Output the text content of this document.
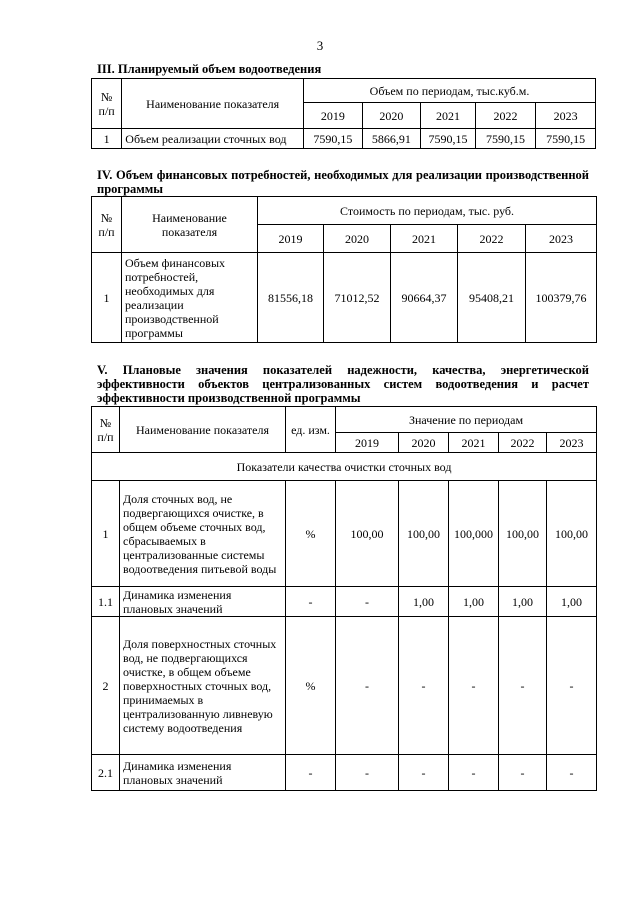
3
III. Планируемый объем водоотведения
№ п/п	Наименование показателя	Объем по периодам, тыс.куб.м.				
		2019	2020	2021	2022	2023
1	Объем реализации сточных вод	7590,15	5866,91	7590,15	7590,15	7590,15
IV. Объем финансовых потребностей, необходимых для реализации производственной программы
№ п/п	Наименование показателя	Стоимость по периодам, тыс. руб.				
		2019	2020	2021	2022	2023
1	Объем финансовых потребностей, необходимых для реализации производственной программы	81556,18	71012,52	90664,37	95408,21	100379,76
V. Плановые значения показателей надежности, качества, энергетической эффективности объектов централизованных систем водоотведения и расчет эффективности производственной программы
№ п/п	Наименование показателя	ед. изм.	Значение по периодам				
			2019	2020	2021	2022	2023
Показатели качества очистки сточных вод							
1	Доля сточных вод, не подвергающихся очистке, в общем объеме сточных вод, сбрасываемых в централизованные системы водоотведения питьевой воды	%	100,00	100,00	100,000	100,00	100,00
1.1	Динамика изменения плановых значений	-	-	1,00	1,00	1,00	1,00
2	Доля поверхностных сточных вод, не подвергающихся очистке, в общем объеме поверхностных сточных вод, принимаемых в централизованную ливневую систему водоотведения	%	-	-	-	-	-
2.1	Динамика изменения плановых значений	-	-	-	-	-	-
